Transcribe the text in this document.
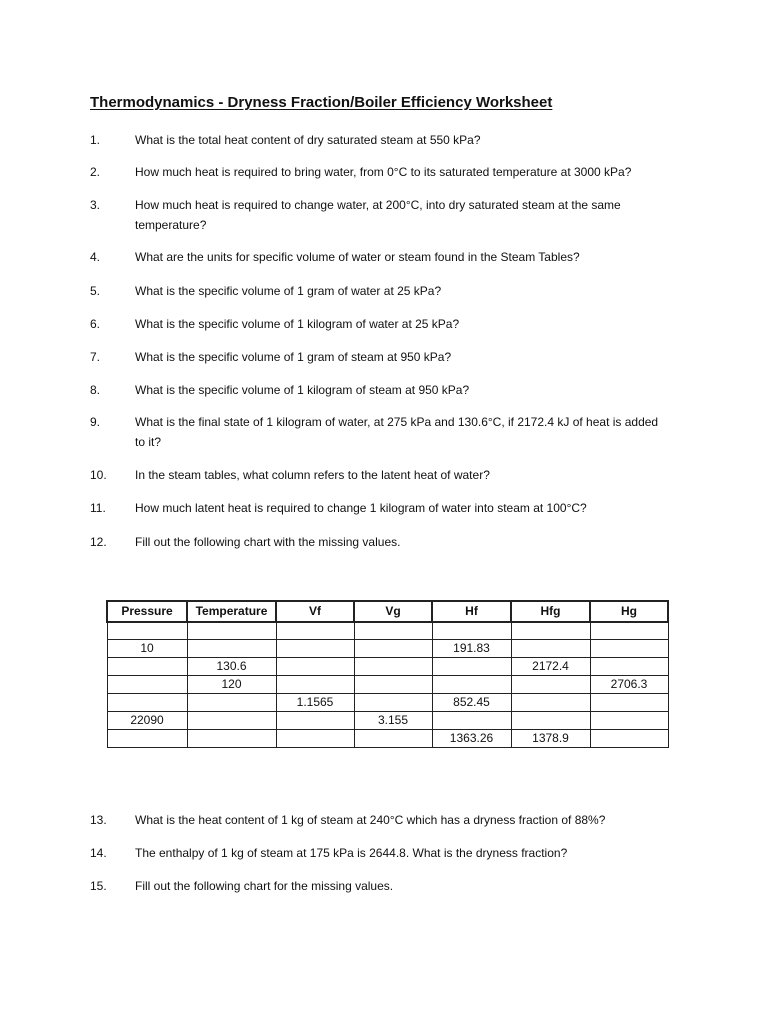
Thermodynamics - Dryness Fraction/Boiler Efficiency Worksheet
1.	What is the total heat content of dry saturated steam at 550 kPa?
2.	How much heat is required to bring water, from 0°C to its saturated temperature at 3000 kPa?
3.	How much heat is required to change water, at 200°C, into dry saturated steam at the same temperature?
4.	What are the units for specific volume of water or steam found in the Steam Tables?
5.	What is the specific volume of 1 gram of water at 25 kPa?
6.	What is the specific volume of 1 kilogram of water at 25 kPa?
7.	What is the specific volume of 1 gram of steam at 950 kPa?
8.	What is the specific volume of 1 kilogram of steam at 950 kPa?
9.	What is the final state of 1 kilogram of water, at 275 kPa and 130.6°C, if 2172.4 kJ of heat is added to it?
10. In the steam tables, what column refers to the latent heat of water?
11. How much latent heat is required to change 1 kilogram of water into steam at 100°C?
12. Fill out the following chart with the missing values.
Pressure	Temperature	Vf	Vg	Hf	Hfg	Hg

10				191.83		
	130.6				2172.4	
	120					2706.3
		1.1565		852.45		
22090			3.155			
				1363.26	1378.9	
13. What is the heat content of 1 kg of steam at 240°C which has a dryness fraction of 88%?
14. The enthalpy of 1 kg of steam at 175 kPa is 2644.8. What is the dryness fraction?
15. Fill out the following chart for the missing values.
